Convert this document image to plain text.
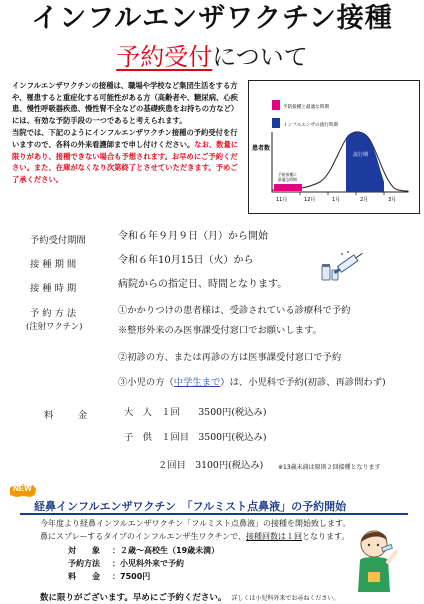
インフルエンザワクチン接種
予約受付について

インフルエンザワクチンの接種は、職場や学校など集団生活をする方や、罹患すると重症化する可能性がある方（高齢者や、糖尿病、心疾患、慢性呼吸器疾患、慢性腎不全などの基礎疾患をお持ちの方など）には、有効な予防手段の一つであると考えられます。

当院では、下記のようにインフルエンザワクチン接種の予約受付を行いますので、各科の外来看護師まで申し付けください。なお、数量に限りがあり、接種できない場合も予想されます。お早めにご予約ください。また、在庫がなくなり次第終了とさせていただきます。予めご了承ください。

予防接種と最適な時期
インフルエンザの流行時期
患者数
流行期
予防接種に
最適な時期
11月	12月	1月	2月	3月
予約受付期間	令和６年９月９日（月）から開始
接種期間	令和６年10月15日（火）から
接種時期	病院からの指定日、時間となります。
予約方法
(注射ワクチン)
①かかりつけの患者様は、受診されている診療科で予約
※整形外来のみ医事課受付窓口でお願いします。
②初診の方、または再診の方は医事課受付窓口で予約
③小児の方（中学生まで）は、小児科で予約(初診、再診問わず)
料　　金	大　人　１回　　3500円(税込み)
子　供　１回目　3500円(税込み)
２回目　3100円(税込み) ※13歳未満は原則２回接種となります
NEW
経鼻インフルエンザワクチン　「フルミスト点鼻液」の予約開始
今年度より経鼻インフルエンザワクチン「フルミスト点鼻液」の接種を開始致します。
鼻にスプレーするタイプのインフルエンザ生ワクチンで、接種回数は１回となります。
対　　象 ：２歳～高校生（19歳未満）
予約方法 ：小児科外来で予約
料　　金 ：7500円
数に限りがございます。早めにご予約ください。 詳しくは小児科外来でお尋ねください。
